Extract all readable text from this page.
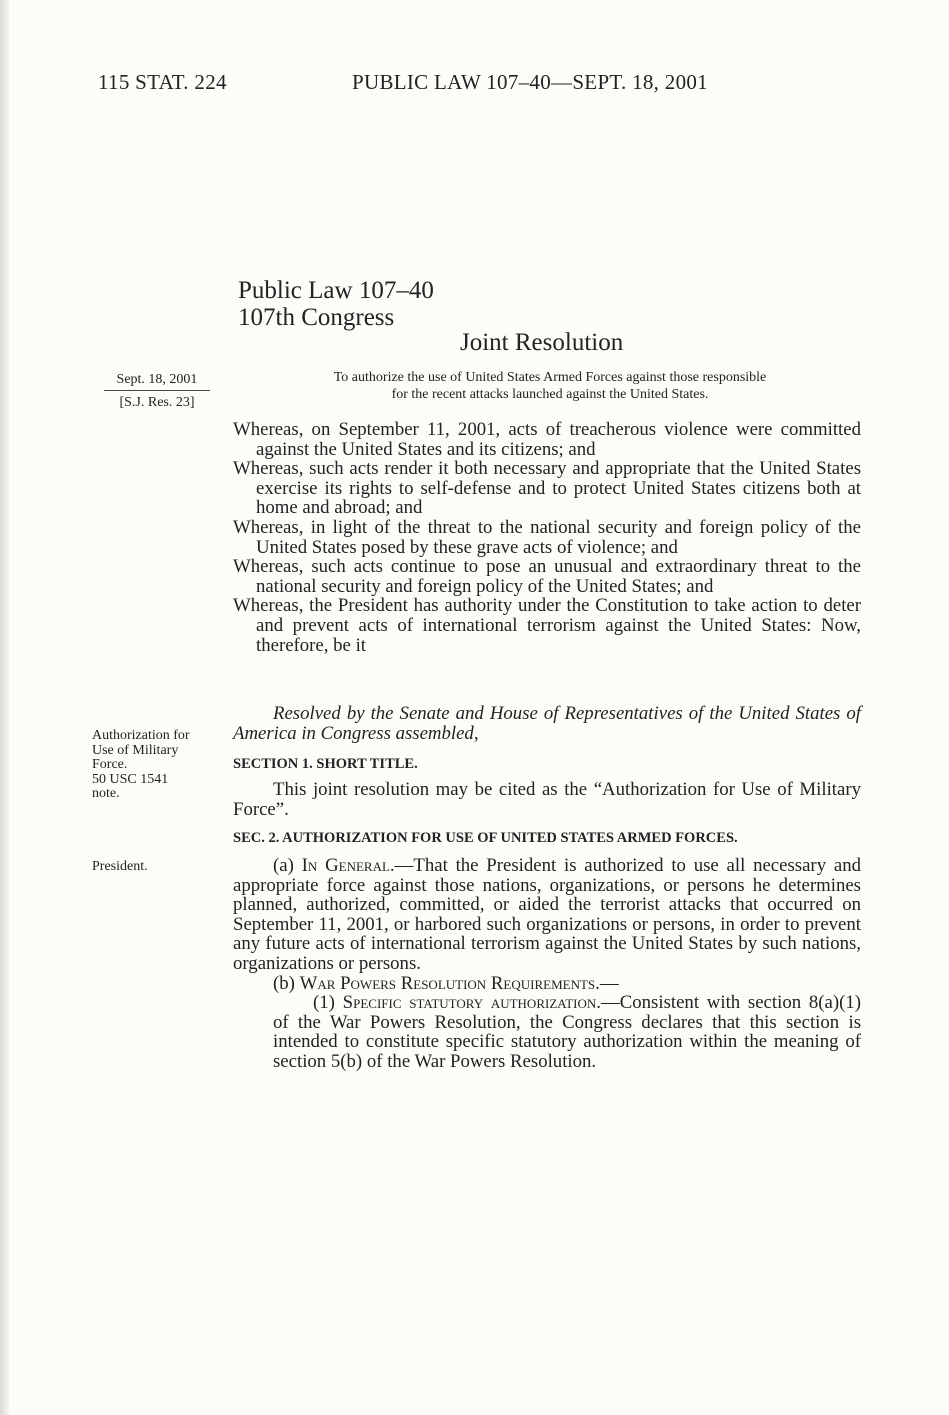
115 STAT. 224	PUBLIC LAW 107–40—SEPT. 18, 2001
Public Law 107–40
107th Congress
Joint Resolution
Sept. 18, 2001
[S.J. Res. 23]
To authorize the use of United States Armed Forces against those responsible
for the recent attacks launched against the United States.

Whereas, on September 11, 2001, acts of treacherous violence were committed against the United States and its citizens; and

Whereas, such acts render it both necessary and appropriate that the United States exercise its rights to self-defense and to protect United States citizens both at home and abroad; and

Whereas, in light of the threat to the national security and foreign policy of the United States posed by these grave acts of violence; and

Whereas, such acts continue to pose an unusual and extraordinary threat to the national security and foreign policy of the United States; and

Whereas, the President has authority under the Constitution to take action to deter and prevent acts of international terrorism against the United States: Now, therefore, be it

Resolved by the Senate and House of Representatives of the United States of America in Congress assembled,

Authorization for
Use of Military
Force.
50 USC 1541
note.
SECTION 1. SHORT TITLE.

This joint resolution may be cited as the “Authorization for Use of Military Force”.

SEC. 2. AUTHORIZATION FOR USE OF UNITED STATES ARMED FORCES.
President.	(a) In General.—That the President is authorized to use all necessary and appropriate force against those nations, organizations, or persons he determines planned, authorized, committed, or aided the terrorist attacks that occurred on September 11, 2001, or harbored such organizations or persons, in order to prevent any future acts of international terrorism against the United States by such nations, organizations or persons.

(b) War Powers Resolution Requirements.—

(1) Specific statutory authorization.—Consistent with section 8(a)(1) of the War Powers Resolution, the Congress declares that this section is intended to constitute specific statutory authorization within the meaning of section 5(b) of the War Powers Resolution.
